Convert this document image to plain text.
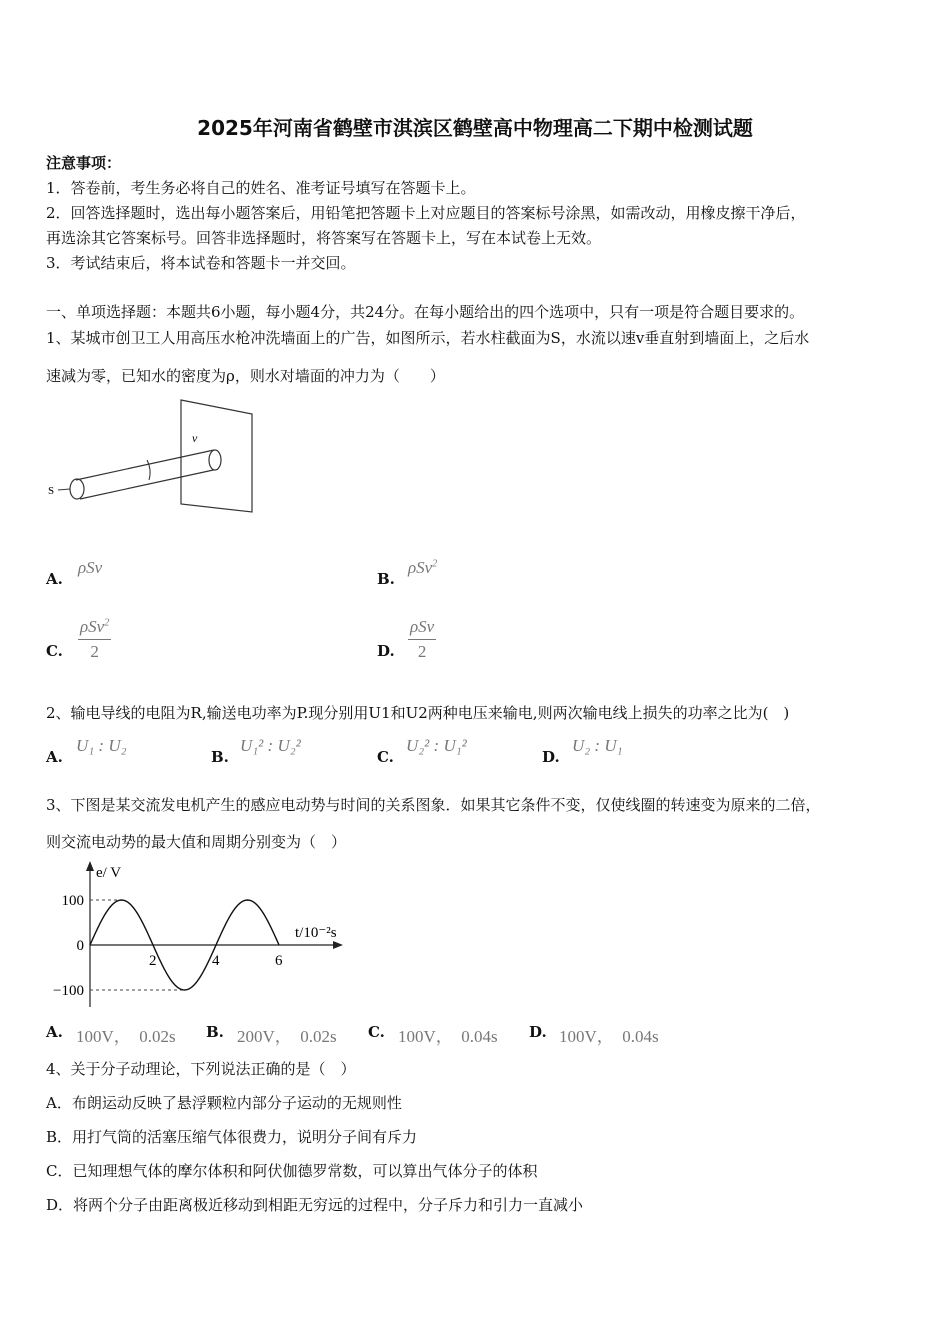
2025年河南省鹤壁市淇滨区鹤壁高中物理高二下期中检测试题
注意事项：
1．答卷前，考生务必将自己的姓名、准考证号填写在答题卡上。
2．回答选择题时，选出每小题答案后，用铅笔把答题卡上对应题目的答案标号涂黑，如需改动，用橡皮擦干净后，
再选涂其它答案标号。回答非选择题时，将答案写在答题卡上，写在本试卷上无效。
3．考试结束后，将本试卷和答题卡一并交回。
一、单项选择题：本题共6小题，每小题4分，共24分。在每小题给出的四个选项中，只有一项是符合题目要求的。
1、某城市创卫工人用高压水枪冲洗墙面上的广告，如图所示，若水柱截面为S，水流以速v垂直射到墙面上，之后水
速减为零，已知水的密度为ρ，则水对墙面的冲力为（　　）
v
S
A.
ρSv
B.
ρSv$^2$
C. $\frac{\rho Sv^2}{2}$	D. $\frac{\text{ρSv}}{2}$
2、输电导线的电阻为R,输送电功率为P.现分别用U1和U2两种电压来输电,则两次输电线上损失的功率之比为(　)
A.
U₁ : U₂
B.
U₁² : U₂²
C.
U₂² : U₁²
D.
U₂ : U₁
3、下图是某交流发电机产生的感应电动势与时间的关系图象．如果其它条件不变，仅使线圈的转速变为原来的二倍，
则交流电动势的最大值和周期分别变为（　）
e/ V
t/10⁻²s
100
0
−100
2	4	6
A. 100V，　0.02s B. 200V，　0.02s C. 100V，　0.04s D. 100V，　0.04s
4、关于分子动理论，下列说法正确的是（　）
A．布朗运动反映了悬浮颗粒内部分子运动的无规则性
B．用打气筒的活塞压缩气体很费力，说明分子间有斥力
C．已知理想气体的摩尔体积和阿伏伽德罗常数，可以算出气体分子的体积
D．将两个分子由距离极近移动到相距无穷远的过程中，分子斥力和引力一直减小
